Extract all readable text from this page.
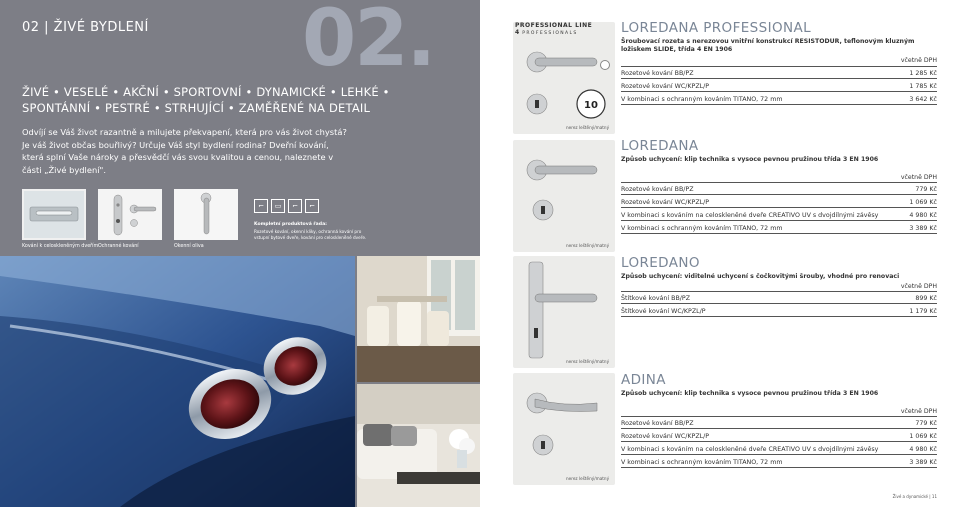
02 | ŽIVÉ BYDLENÍ 02.
ŽIVÉ • VESELÉ • AKČNÍ • SPORTOVNÍ • DYNAMICKÉ • LEHKÉ • SPONTÁNNÍ • PESTRÉ • STRHUJÍCÍ • ZAMĚŘENÉ NA DETAIL
Odvíjí se Váš život razantně a milujete překvapení, která pro vás život chystá? Je váš život občas bouřlivý? Určuje Váš styl bydlení rodina? Dveřní kování, která splní Vaše nároky a přesvědčí vás svou kvalitou a cenou, naleznete v části „Živé bydlení".
Kování k celoskleněným dveřím Ochranné kování	Okenní olivа
⌐	▭	⌐	⌐
Kompletní produktová řada:
Rozetové kování, okenní kliky, ochranná kování pro vstupní bytové dveře, kování pro celoskleněné dveře.
10
PROFESSIONAL LINE
4 PROFESSIONALS
nerez leštěný/matný
LOREDANA PROFESSIONAL
Šroubovací rozeta s nerezovou vnitřní konstrukcí RESISTODUR, teflonovým kluzným ložiskem SLIDE, třída 4 EN 1906
včetně DPH
Rozetové kování BB/PZ	1 285 Kč
Rozetové kování WC/KPZL/P	1 785 Kč
V kombinaci s ochranným kováním TITANO, 72 mm	3 642 Kč
nerez leštěný/matný
LOREDANA
Způsob uchycení: klip technika s vysoce pevnou pružinou třída 3 EN 1906
včetně DPH
Rozetové kování BB/PZ	779 Kč
Rozetové kování WC/KPZL/P	1 069 Kč
V kombinaci s kováním na celoskleněné dveře CREATIVO UV s dvojdílnými závěsy	4 980 Kč
V kombinaci s ochranným kováním TITANO, 72 mm	3 389 Kč
nerez leštěný/matný
LOREDANO
Způsob uchycení: viditelné uchycení s čočkovitými šrouby, vhodné pro renovaci
včetně DPH
Štítkové kování BB/PZ	899 Kč
Štítkové kování WC/KPZL/P	1 179 Kč
nerez leštěný/matný
ADINA
Způsob uchycení: klip technika s vysoce pevnou pružinou třída 3 EN 1906
včetně DPH
Rozetové kování BB/PZ	779 Kč
Rozetové kování WC/KPZL/P	1 069 Kč
V kombinaci s kováním na celoskleněné dveře CREATIVO UV s dvojdílnými závěsy	4 980 Kč
V kombinaci s ochranným kováním TITANO, 72 mm	3 389 Kč
Živé a dynamické | 11
